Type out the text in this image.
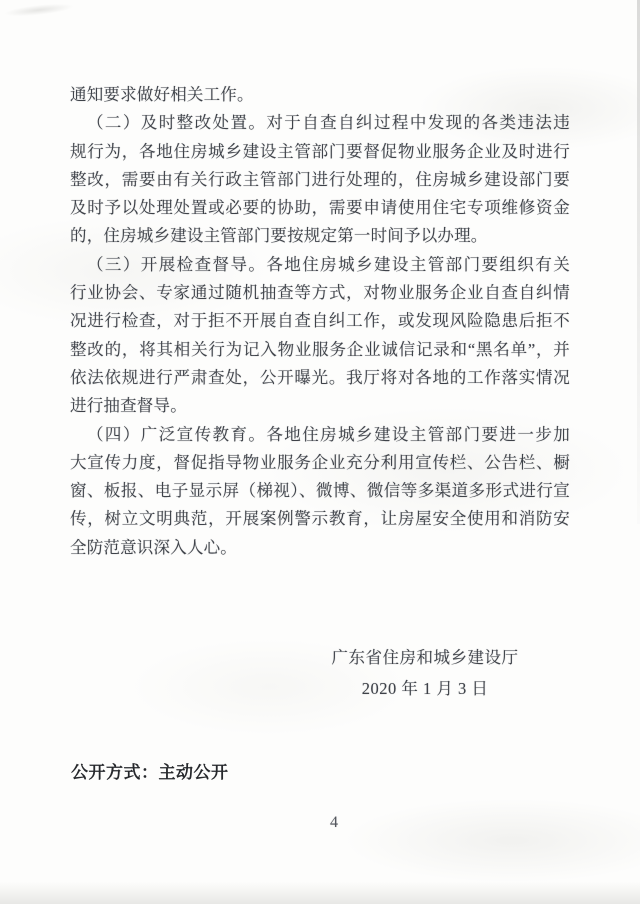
通知要求做好相关工作。
（二）及时整改处置。对于自查自纠过程中发现的各类违法违
规行为，各地住房城乡建设主管部门要督促物业服务企业及时进行
整改，需要由有关行政主管部门进行处理的，住房城乡建设部门要
及时予以处理处置或必要的协助，需要申请使用住宅专项维修资金
的，住房城乡建设主管部门要按规定第一时间予以办理。
（三）开展检查督导。各地住房城乡建设主管部门要组织有关
行业协会、专家通过随机抽查等方式，对物业服务企业自查自纠情
况进行检查，对于拒不开展自查自纠工作，或发现风险隐患后拒不
整改的，将其相关行为记入物业服务企业诚信记录和“黑名单”，并
依法依规进行严肃查处，公开曝光。我厅将对各地的工作落实情况
进行抽查督导。
（四）广泛宣传教育。各地住房城乡建设主管部门要进一步加
大宣传力度，督促指导物业服务企业充分利用宣传栏、公告栏、橱
窗、板报、电子显示屏（梯视）、微博、微信等多渠道多形式进行宣
传，树立文明典范，开展案例警示教育，让房屋安全使用和消防安
全防范意识深入人心。
广东省住房和城乡建设厅
2020 年 1 月 3 日
公开方式：主动公开
4
